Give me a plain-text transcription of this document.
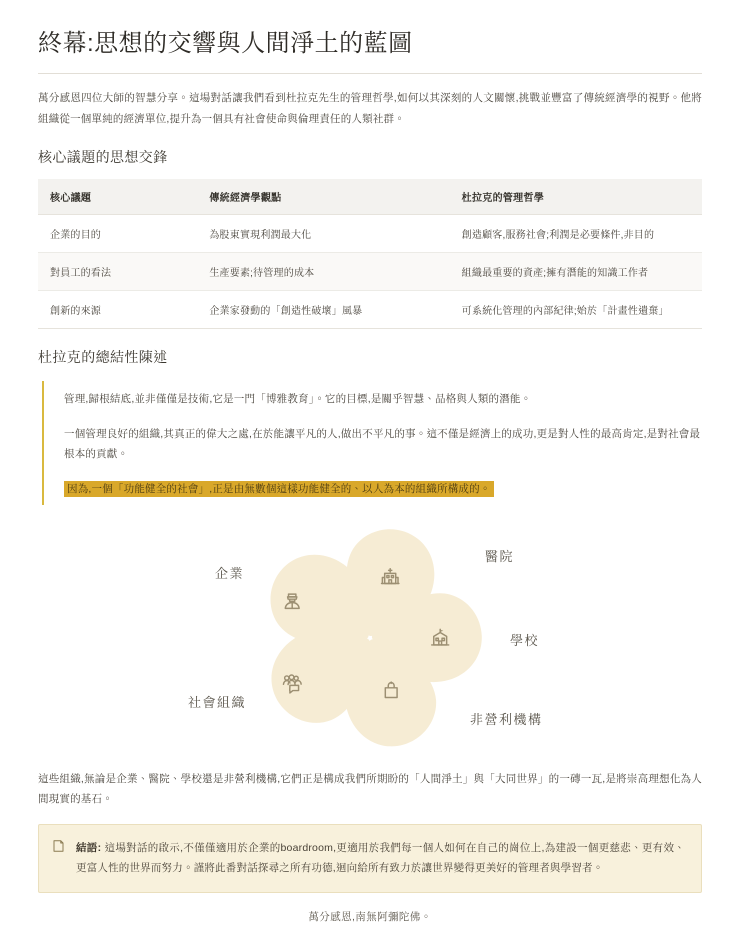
終幕:思想的交響與人間淨土的藍圖

萬分感恩四位大師的智慧分享。這場對話讓我們看到杜拉克先生的管理哲學,如何以其深刻的人文關懷,挑戰並豐富了傳統經濟學的視野。他將組織從一個單純的經濟單位,提升為一個具有社會使命與倫理責任的人類社群。

核心議題的思想交鋒
核心議題	傳統經濟學觀點	杜拉克的管理哲學
企業的目的	為股東實現利潤最大化	創造顧客,服務社會;利潤是必要條件,非目的
對員工的看法	生產要素;待管理的成本	組織最重要的資產;擁有潛能的知識工作者
創新的來源	企業家發動的「創造性破壞」風暴	可系統化管理的內部紀律;始於「計畫性遺棄」
杜拉克的總結性陳述

管理,歸根結底,並非僅僅是技術,它是一門「博雅教育」。它的目標,是關乎智慧、品格與人類的潛能。

一個管理良好的組織,其真正的偉大之處,在於能讓平凡的人,做出不平凡的事。這不僅是經濟上的成功,更是對人性的最高肯定,是對社會最根本的貢獻。

因為,一個「功能健全的社會」,正是由無數個這樣功能健全的、以人為本的組織所構成的。

企業
醫院
學校
非營利機構
社會組織

這些組織,無論是企業、醫院、學校還是非營利機構,它們正是構成我們所期盼的「人間淨土」與「大同世界」的一磚一瓦,是將崇高理想化為人間現實的基石。

結語: 這場對話的啟示,不僅僅適用於企業的boardroom,更適用於我們每一個人如何在自己的崗位上,為建設一個更慈悲、更有效、更富人性的世界而努力。謹將此番對話探尋之所有功德,迴向給所有致力於讓世界變得更美好的管理者與學習者。
萬分感恩,南無阿彌陀佛。
